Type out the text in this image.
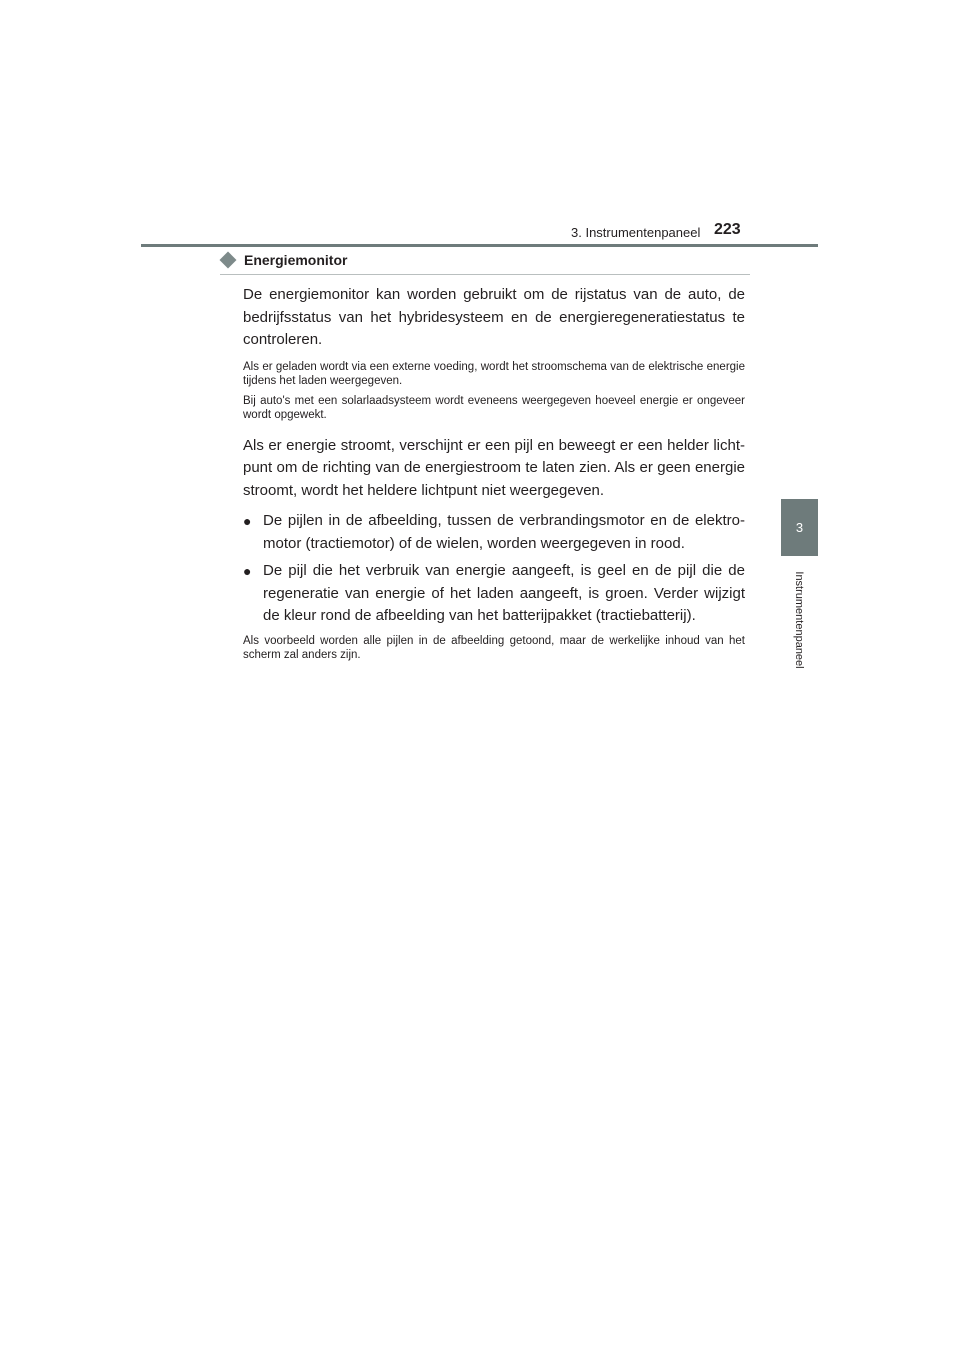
3. Instrumentenpaneel 223
3
Instrumentenpaneel
Energiemonitor

De energiemonitor kan worden gebruikt om de rijstatus van de auto, de bedrijfsstatus van het hybridesysteem en de energieregeneratiestatus te controleren.

Als er geladen wordt via een externe voeding, wordt het stroomschema van de elektrische energie tijdens het laden weergegeven.

Bij auto's met een solarlaadsysteem wordt eveneens weergegeven hoeveel energie er ongeveer wordt opgewekt.

Als er energie stroomt, verschijnt er een pijl en beweegt er een helder licht-punt om de richting van de energiestroom te laten zien. Als er geen energie stroomt, wordt het heldere lichtpunt niet weergegeven.

● De pijlen in de afbeelding, tussen de verbrandingsmotor en de elektro-motor (tractiemotor) of de wielen, worden weergegeven in rood.
● De pijl die het verbruik van energie aangeeft, is geel en de pijl die de regeneratie van energie of het laden aangeeft, is groen. Verder wijzigt de kleur rond de afbeelding van het batterijpakket (tractiebatterij).

Als voorbeeld worden alle pijlen in de afbeelding getoond, maar de werkelijke inhoud van het scherm zal anders zijn.
